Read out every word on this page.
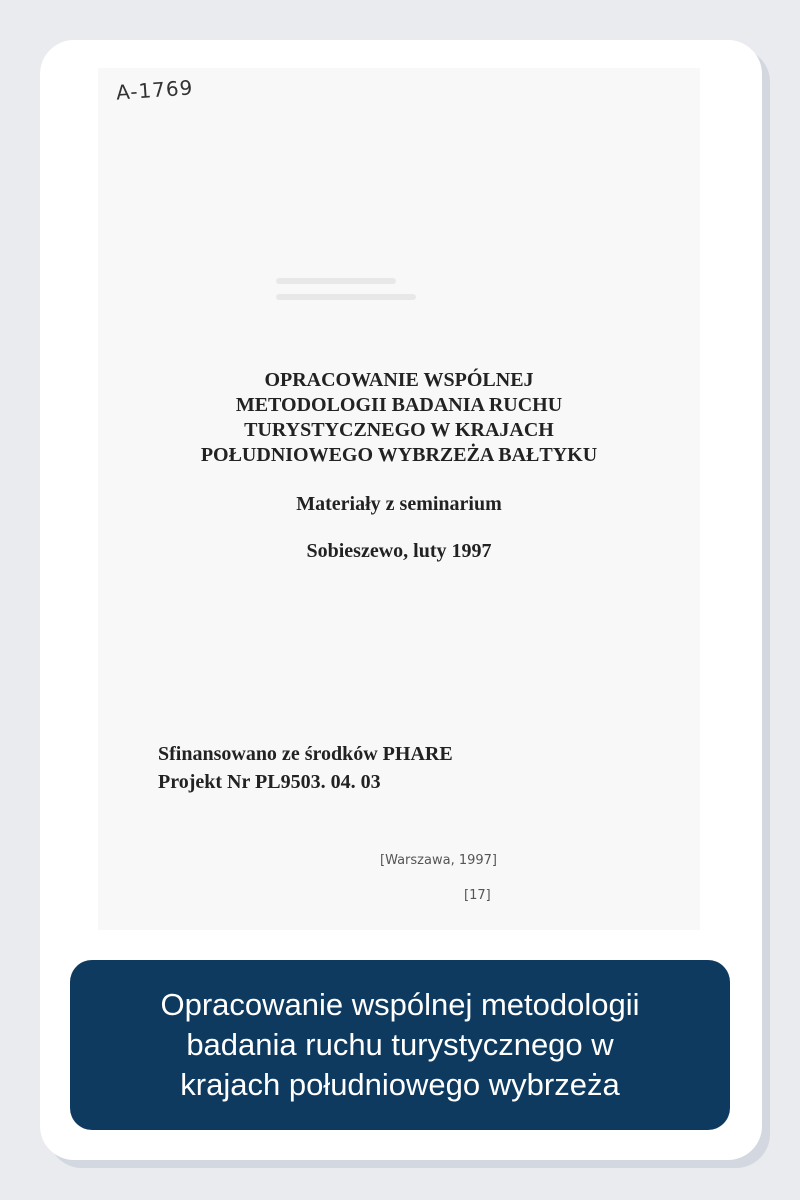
A-1769
OPRACOWANIE WSPÓLNEJ
METODOLOGII BADANIA RUCHU
TURYSTYCZNEGO W KRAJACH
POŁUDNIOWEGO WYBRZEŻA BAŁTYKU
Materiały z seminarium
Sobieszewo, luty 1997
Sfinansowano ze środków PHARE
Projekt Nr PL9503. 04. 03
[Warszawa, 1997]
[17]
Opracowanie wspólnej metodologii
badania ruchu turystycznego w
krajach południowego wybrzeża
